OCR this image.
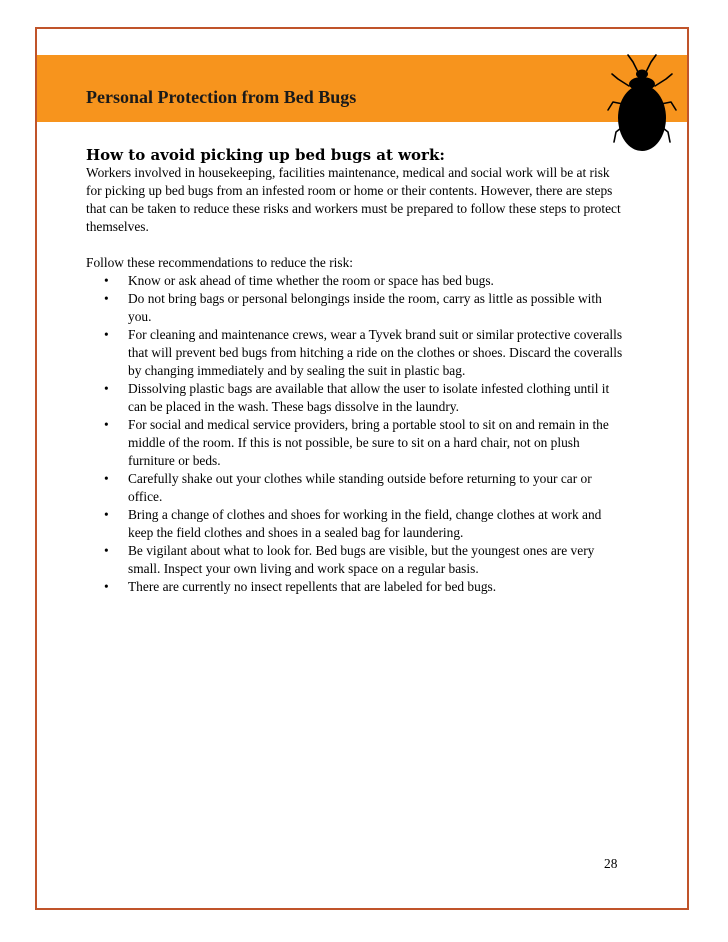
Personal Protection from Bed Bugs
How to avoid picking up bed bugs at work:

Workers involved in housekeeping, facilities maintenance, medical and social work will be at risk for picking up bed bugs from an infested room or home or their contents. However, there are steps that can be taken to reduce these risks and workers must be prepared to follow these steps to protect themselves.

Follow these recommendations to reduce the risk:

• Know or ask ahead of time whether the room or space has bed bugs.
• Do not bring bags or personal belongings inside the room, carry as little as possible with you.
• For cleaning and maintenance crews, wear a Tyvek brand suit or similar protective coveralls that will prevent bed bugs from hitching a ride on the clothes or shoes. Discard the coveralls by changing immediately and by sealing the suit in plastic bag.
• Dissolving plastic bags are available that allow the user to isolate infested clothing until it can be placed in the wash. These bags dissolve in the laundry.
• For social and medical service providers, bring a portable stool to sit on and remain in the middle of the room. If this is not possible, be sure to sit on a hard chair, not on plush furniture or beds.
• Carefully shake out your clothes while standing outside before returning to your car or office.
• Bring a change of clothes and shoes for working in the field, change clothes at work and keep the field clothes and shoes in a sealed bag for laundering.
• Be vigilant about what to look for. Bed bugs are visible, but the youngest ones are very small. Inspect your own living and work space on a regular basis.
• There are currently no insect repellents that are labeled for bed bugs.
28
